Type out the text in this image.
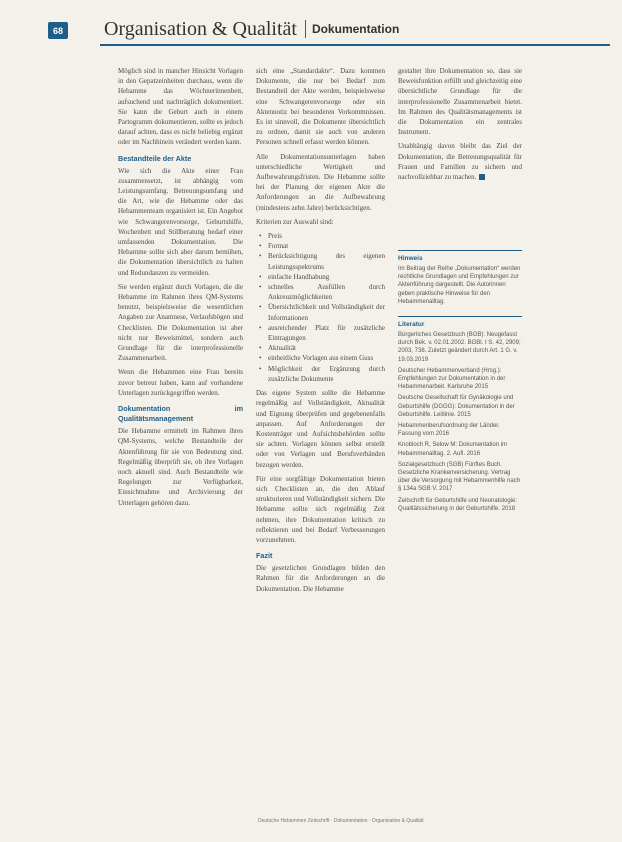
68 Organisation & Qualität Dokumentation

Möglich sind in mancher Hinsicht Vorlagen in den Gepatzeinheiten durchaus, wenn die Hebamme das Wöchnerinnenbett, aufsuchend und nachträglich dokumentiert. Sie kann die Geburt auch in einem Partogramm dokumentieren, sollte es jedoch darauf achten, dass es nicht beliebig ergänzt oder im Nachhinein verändert werden kann.

Bestandteile der Akte

Wie sich die Akte einer Frau zusammensetzt, ist abhängig vom Leistungsumfang. Betreuungsumfang und die Art, wie die Hebamme oder das Hebammenteam organisiert ist. Ein Angebot wie Schwangerenvorsorge, Geburtshilfe, Wochenbett und Stillberatung bedarf einer umfassenden Dokumentation. Die Hebamme sollte sich aber darum bemühen, die Dokumentation übersichtlich zu halten und Redundanzen zu vermeiden.

Sie werden ergänzt durch Vorlagen, die die Hebamme im Rahmen ihres QM-Systems benutzt, beispielsweise die wesentlichen Angaben zur Anamnese, Verlaufsbögen und Checklisten. Die Dokumentation ist aber nicht nur Beweismittel, sondern auch Grundlage für die interprofessionelle Zusammenarbeit.

Wenn die Hebammen eine Frau bereits zuvor betreut haben, kann auf vorhandene Unterlagen zurückgegriffen werden.

Dokumentation im Qualitätsmanagement

Die Hebamme ermittelt im Rahmen ihres QM-Systems, welche Bestandteile der Aktenführung für sie von Bedeutung sind. Regelmäßig überprüft sie, ob ihre Vorlagen noch aktuell sind. Auch Bestandteile wie Regelungen zur Verfügbarkeit, Einsichtnahme und Archivierung der Unterlagen gehören dazu.

sich eine „Standardakte“. Dazu kommen Dokumente, die nur bei Bedarf zum Bestandteil der Akte werden, beispielsweise eine Schwangerenvorsorge oder ein Aktennotiz bei besonderen Vorkommnissen. Es ist sinnvoll, die Dokumente übersichtlich zu ordnen, damit sie auch von anderen Personen schnell erfasst werden können.

Alle Dokumentationsunterlagen haben unterschiedliche Wertigkeit und Aufbewahrungsfristen. Die Hebamme sollte bei der Planung der eigenen Akte die Anforderungen an die Aufbewahrung (mindestens zehn Jahre) berücksichtigen.

Kriterien zur Auswahl sind:

• Preis
• Format
• Berücksichtigung des eigenen Leistungsspektrums
• einfache Handhabung
• schnelles Ausfüllen durch Ankreuzmöglichkeiten
• Übersichtlichkeit und Vollständigkeit der Informationen
• ausreichender Platz für zusätzliche Eintragungen
• Aktualität
• einheitliche Vorlagen aus einem Guss
• Möglichkeit der Ergänzung durch zusätzliche Dokumente

Das eigene System sollte die Hebamme regelmäßig auf Vollständigkeit, Aktualität und Eignung überprüfen und gegebenenfalls anpassen. Auf Anforderungen der Kostenträger und Aufsichtsbehörden sollte sie achten. Vorlagen können selbst erstellt oder von Verlagen und Berufsverbänden bezogen werden.

Für eine sorgfältige Dokumentation bieten sich Checklisten an, die den Ablauf strukturieren und Vollständigkeit sichern. Die Hebamme sollte sich regelmäßig Zeit nehmen, ihre Dokumentation kritisch zu reflektieren und bei Bedarf Verbesserungen vorzunehmen.

Fazit

Die gesetzlichen Grundlagen bilden den Rahmen für die Anforderungen an die Dokumentation. Die Hebamme

gestaltet ihre Dokumentation so, dass sie Beweisfunktion erfüllt und gleichzeitig eine übersichtliche Grundlage für die interprofessionelle Zusammenarbeit bietet. Im Rahmen des Qualitätsmanagements ist die Dokumentation ein zentrales Instrument.

Unabhängig davon bleibt das Ziel der Dokumentation, die Betreuungsqualität für Frauen und Familien zu sichern und nachvollziehbar zu machen.

Hinweis

Im Beitrag der Reihe „Dokumentation“ werden rechtliche Grundlagen und Empfehlungen zur Aktenführung dargestellt. Die Autorinnen geben praktische Hinweise für den Hebammenalltag.

Literatur

Bürgerliches Gesetzbuch (BGB): Neugefasst durch Bek. v. 02.01.2002. BGBl. I S. 42, 2909; 2003, 738. Zuletzt geändert durch Art. 1 G. v. 19.03.2019

Deutscher Hebammenverband (Hrsg.): Empfehlungen zur Dokumentation in der Hebammenarbeit. Karlsruhe 2015

Deutsche Gesellschaft für Gynäkologie und Geburtshilfe (DGGG): Dokumentation in der Geburtshilfe. Leitlinie. 2015

Hebammenberufsordnung der Länder. Fassung vom 2016

Knobloch R, Selow M: Dokumentation im Hebammenalltag. 2. Aufl. 2016

Sozialgesetzbuch (SGB) Fünftes Buch. Gesetzliche Krankenversicherung. Vertrag über die Versorgung mit Hebammenhilfe nach § 134a SGB V. 2017

Zeitschrift für Geburtshilfe und Neonatologie: Qualitätssicherung in der Geburtshilfe. 2018

Deutsche Hebammen Zeitschrift · Dokumentation · Organisation & Qualität
